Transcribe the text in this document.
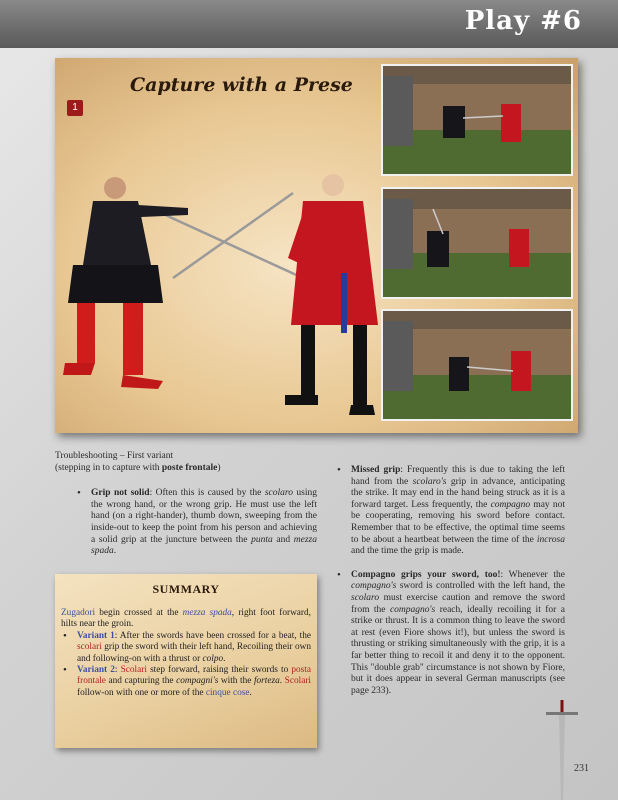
Play #6
Capture with a Prese
1

Troubleshooting – First variant

(stepping in to capture with poste frontale)

• Grip not solid: Often this is caused by the scolaro using the wrong hand, or the wrong grip. He must use the left hand (on a right-hander), thumb down, sweeping from the inside-out to keep the point from his person and achieving a solid grip at the juncture between the punta and mezza spada.

SUMMARY

Zugadori begin crossed at the mezza spada, right foot forward, hilts near the groin.

• Variant 1: After the swords have been crossed for a beat, the scolari grip the sword with their left hand, Recoiling their own and following-on with a thrust or colpo.

• Variant 2: Scolari step forward, raising their swords to posta frontale and capturing the compagni's with the forteza. Scolari follow-on with one or more of the cinque cose.

• Missed grip: Frequently this is due to taking the left hand from the scolaro's grip in advance, anticipating the strike. It may end in the hand being struck as it is a forward target. Less frequently, the compagno may not be cooperating, removing his sword before contact. Remember that to be effective, the optimal time seems to be about a heartbeat between the time of the incrosa and the time the grip is made.

• Compagno grips your sword, too!: Whenever the compagno's sword is controlled with the left hand, the scolaro must exercise caution and remove the sword from the compagno's reach, ideally recoiling it for a strike or thrust. It is a common thing to leave the sword at rest (even Fiore shows it!), but unless the sword is thrusting or striking simultaneously with the grip, it is a far better thing to recoil it and deny it to the opponent. This "double grab" circumstance is not shown by Fiore, but it does appear in several German manuscripts (see page 233).

231
